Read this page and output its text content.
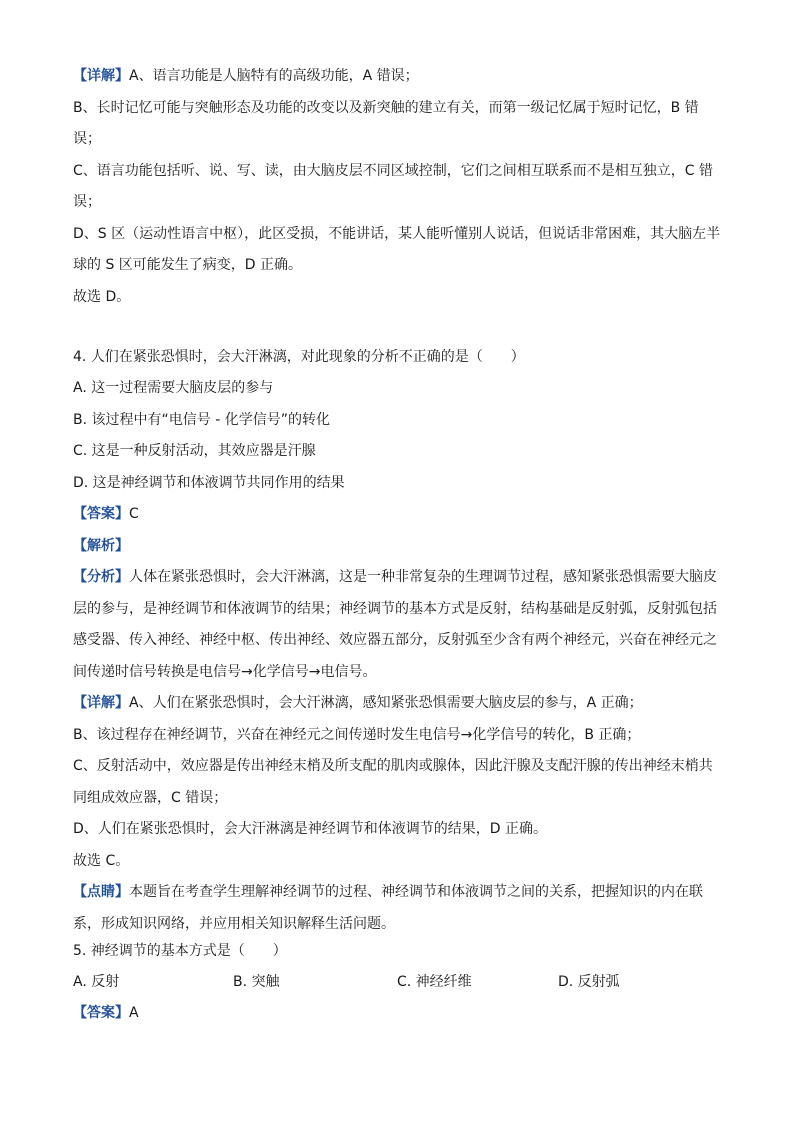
【详解】A、语言功能是人脑特有的高级功能，A 错误；
B、长时记忆可能与突触形态及功能的改变以及新突触的建立有关，而第一级记忆属于短时记忆，B 错
误；
C、语言功能包括听、说、写、读，由大脑皮层不同区域控制，它们之间相互联系而不是相互独立，C 错
误；
D、S 区（运动性语言中枢），此区受损，不能讲话，某人能听懂别人说话，但说话非常困难，其大脑左半
球的 S 区可能发生了病变，D 正确。
故选 D。
4. 人们在紧张恐惧时，会大汗淋漓，对此现象的分析不正确的是（　　）
A. 这一过程需要大脑皮层的参与
B. 该过程中有“电信号 - 化学信号”的转化
C. 这是一种反射活动，其效应器是汗腺
D. 这是神经调节和体液调节共同作用的结果
【答案】C
【解析】
【分析】人体在紧张恐惧时，会大汗淋漓，这是一种非常复杂的生理调节过程，感知紧张恐惧需要大脑皮
层的参与，是神经调节和体液调节的结果；神经调节的基本方式是反射，结构基础是反射弧，反射弧包括
感受器、传入神经、神经中枢、传出神经、效应器五部分，反射弧至少含有两个神经元，兴奋在神经元之
间传递时信号转换是电信号→化学信号→电信号。
【详解】A、人们在紧张恐惧时，会大汗淋漓，感知紧张恐惧需要大脑皮层的参与，A 正确；
B、该过程存在神经调节，兴奋在神经元之间传递时发生电信号→化学信号的转化，B 正确；
C、反射活动中，效应器是传出神经末梢及所支配的肌肉或腺体，因此汗腺及支配汗腺的传出神经末梢共
同组成效应器，C 错误；
D、人们在紧张恐惧时，会大汗淋漓是神经调节和体液调节的结果，D 正确。
故选 C。
【点睛】本题旨在考查学生理解神经调节的过程、神经调节和体液调节之间的关系，把握知识的内在联
系，形成知识网络，并应用相关知识解释生活问题。
5. 神经调节的基本方式是（　　）
A. 反射	B. 突触	C. 神经纤维	D. 反射弧
【答案】A
